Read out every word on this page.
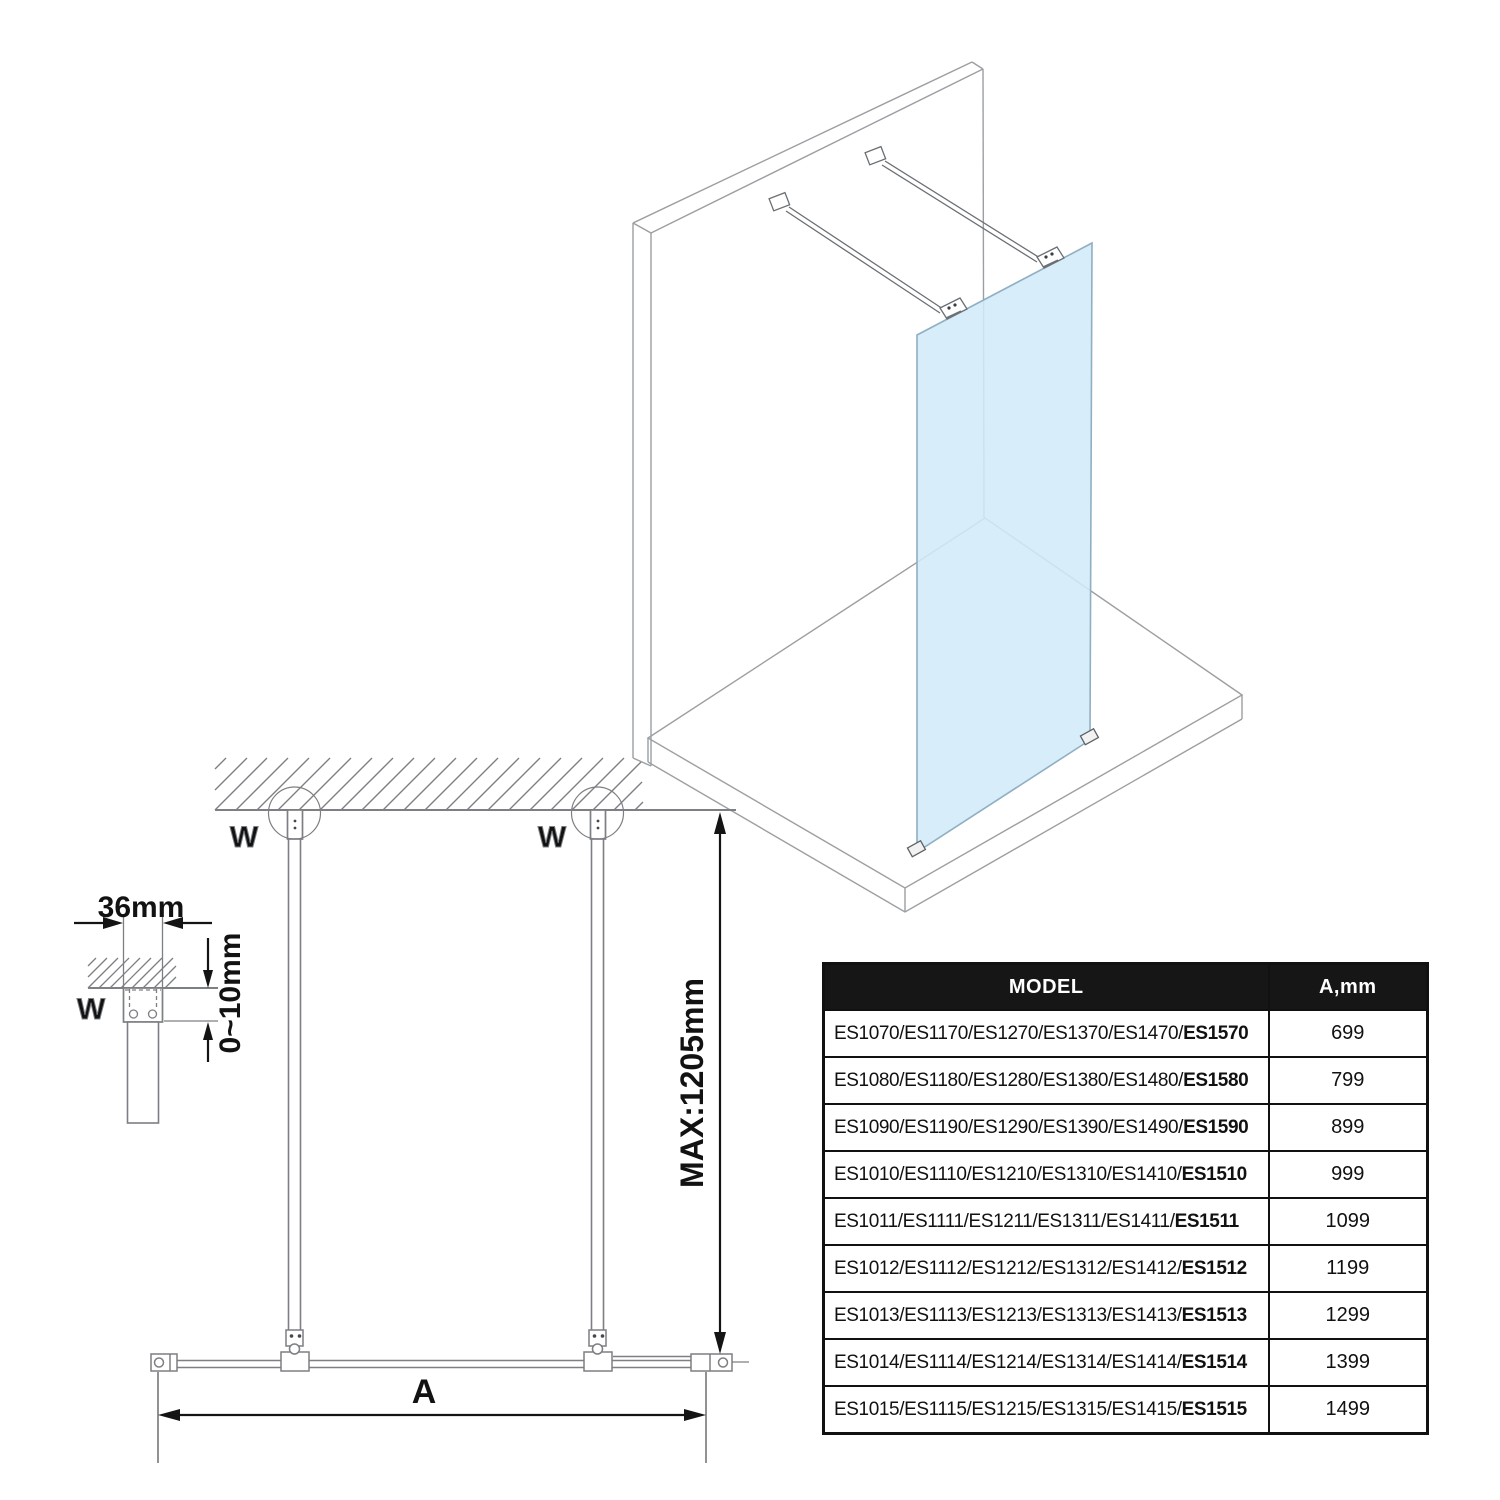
W	W
W
36mm
0~10mm	MAX:1205mm
A
MODEL	A,mm
ES1070/ES1170/ES1270/ES1370/ES1470/ES1570	699
ES1080/ES1180/ES1280/ES1380/ES1480/ES1580	799
ES1090/ES1190/ES1290/ES1390/ES1490/ES1590	899
ES1010/ES1110/ES1210/ES1310/ES1410/ES1510	999
ES1011/ES1111/ES1211/ES1311/ES1411/ES1511	1099
ES1012/ES1112/ES1212/ES1312/ES1412/ES1512	1199
ES1013/ES1113/ES1213/ES1313/ES1413/ES1513	1299
ES1014/ES1114/ES1214/ES1314/ES1414/ES1514	1399
ES1015/ES1115/ES1215/ES1315/ES1415/ES1515	1499
